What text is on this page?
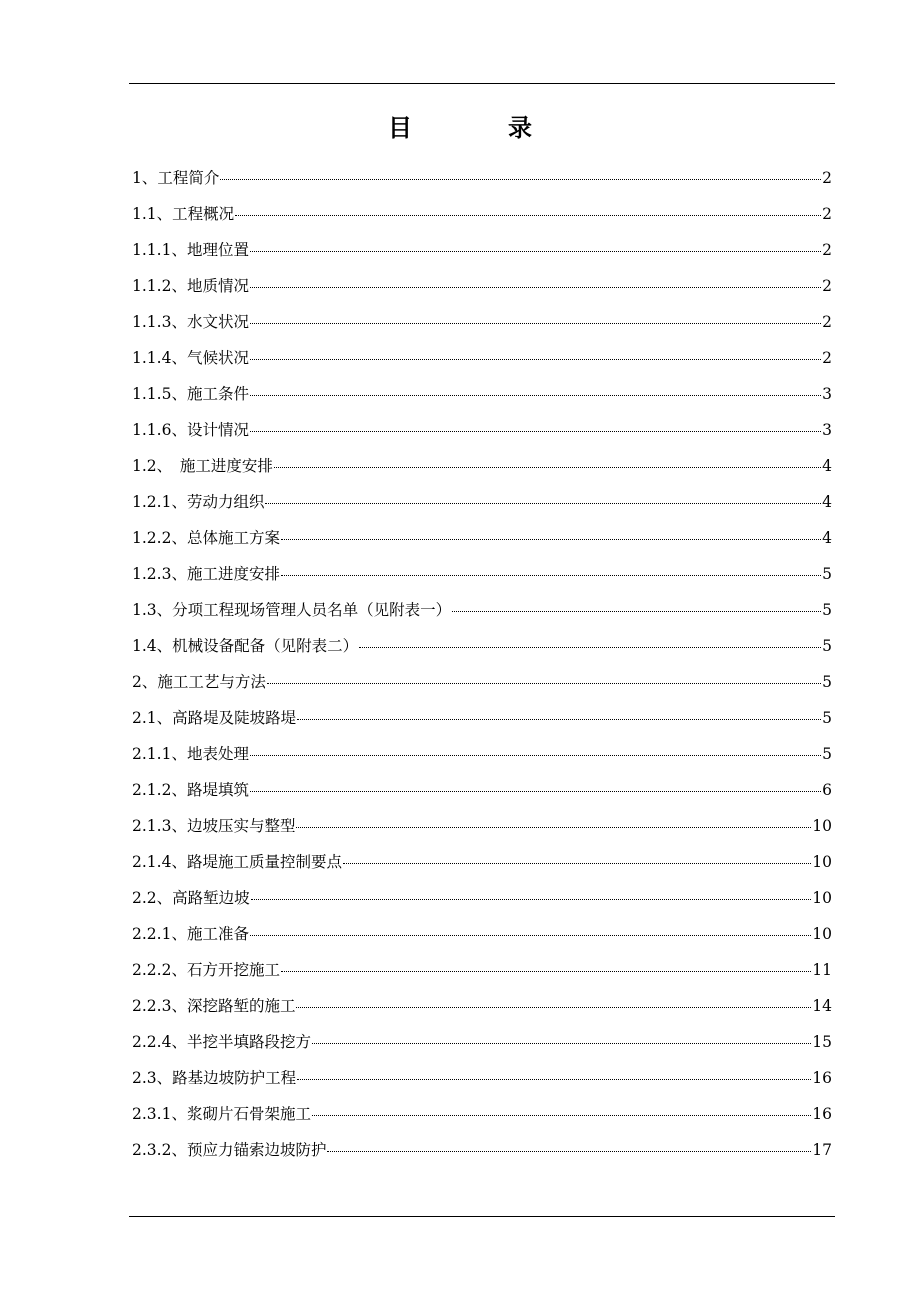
目　录
1、工程简介	2
1.1、工程概况	2
1.1.1、地理位置	2
1.1.2、地质情况	2
1.1.3、水文状况	2
1.1.4、气候状况	2
1.1.5、施工条件	3
1.1.6、设计情况	3
1.2、　施工进度安排	4
1.2.1、劳动力组织	4
1.2.2、总体施工方案	4
1.2.3、施工进度安排	5
1.3、分项工程现场管理人员名单（见附表一）	5
1.4、机械设备配备（见附表二）	5
2、施工工艺与方法	5
2.1、高路堤及陡坡路堤	5
2.1.1、地表处理	5
2.1.2、路堤填筑	6
2.1.3、边坡压实与整型	10
2.1.4、路堤施工质量控制要点	10
2.2、高路堑边坡	10
2.2.1、施工准备	10
2.2.2、石方开挖施工	11
2.2.3、深挖路堑的施工	14
2.2.4、半挖半填路段挖方	15
2.3、路基边坡防护工程	16
2.3.1、浆砌片石骨架施工	16
2.3.2、预应力锚索边坡防护	17
